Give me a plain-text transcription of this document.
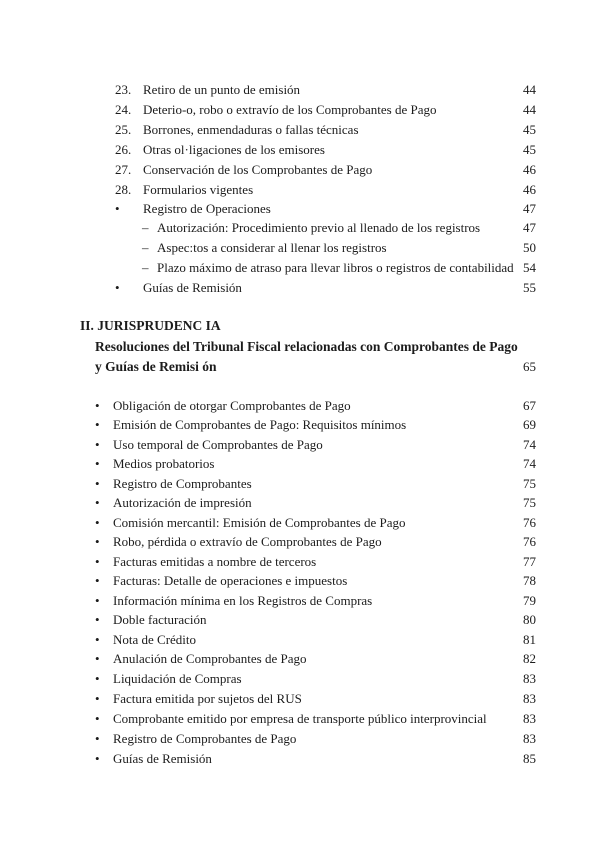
23. Retiro de un punto de emisión	44
24. Deterio-o, robo o extravío de los Comprobantes de Pago	44
25. Borrones, enmendaduras o fallas técnicas	45
26. Otras ol·ligaciones de los emisores	45
27. Conservación de los Comprobantes de Pago	46
28. Formularios vigentes	46
• Registro de Operaciones	47
– Autorización: Procedimiento previo al llenado de los registros	47
– Aspec:tos a considerar al llenar los registros	50
– Plazo máximo de atraso para llevar libros o registros de contabilidad 54
• Guías de Remisión	55
II. JURISPRUDENC IA
Resoluciones del Tribunal Fiscal relacionadas con Comprobantes de Pago
y Guías de Remisi ón	65
• Obligación de otorgar Comprobantes de Pago	67
• Emisión de Comprobantes de Pago: Requisitos mínimos	69
• Uso temporal de Comprobantes de Pago	74
• Medios probatorios	74
• Registro de Comprobantes	75
• Autorización de impresión	75
• Comisión mercantil: Emisión de Comprobantes de Pago	76
• Robo, pérdida o extravío de Comprobantes de Pago	76
• Facturas emitidas a nombre de terceros	77
• Facturas: Detalle de operaciones e impuestos	78
• Información mínima en los Registros de Compras	79
• Doble facturación	80
• Nota de Crédito	81
• Anulación de Comprobantes de Pago	82
• Liquidación de Compras	83
• Factura emitida por sujetos del RUS	83
• Comprobante emitido por empresa de transporte público interprovincial	83
• Registro de Comprobantes de Pago	83
• Guías de Remisión	85
